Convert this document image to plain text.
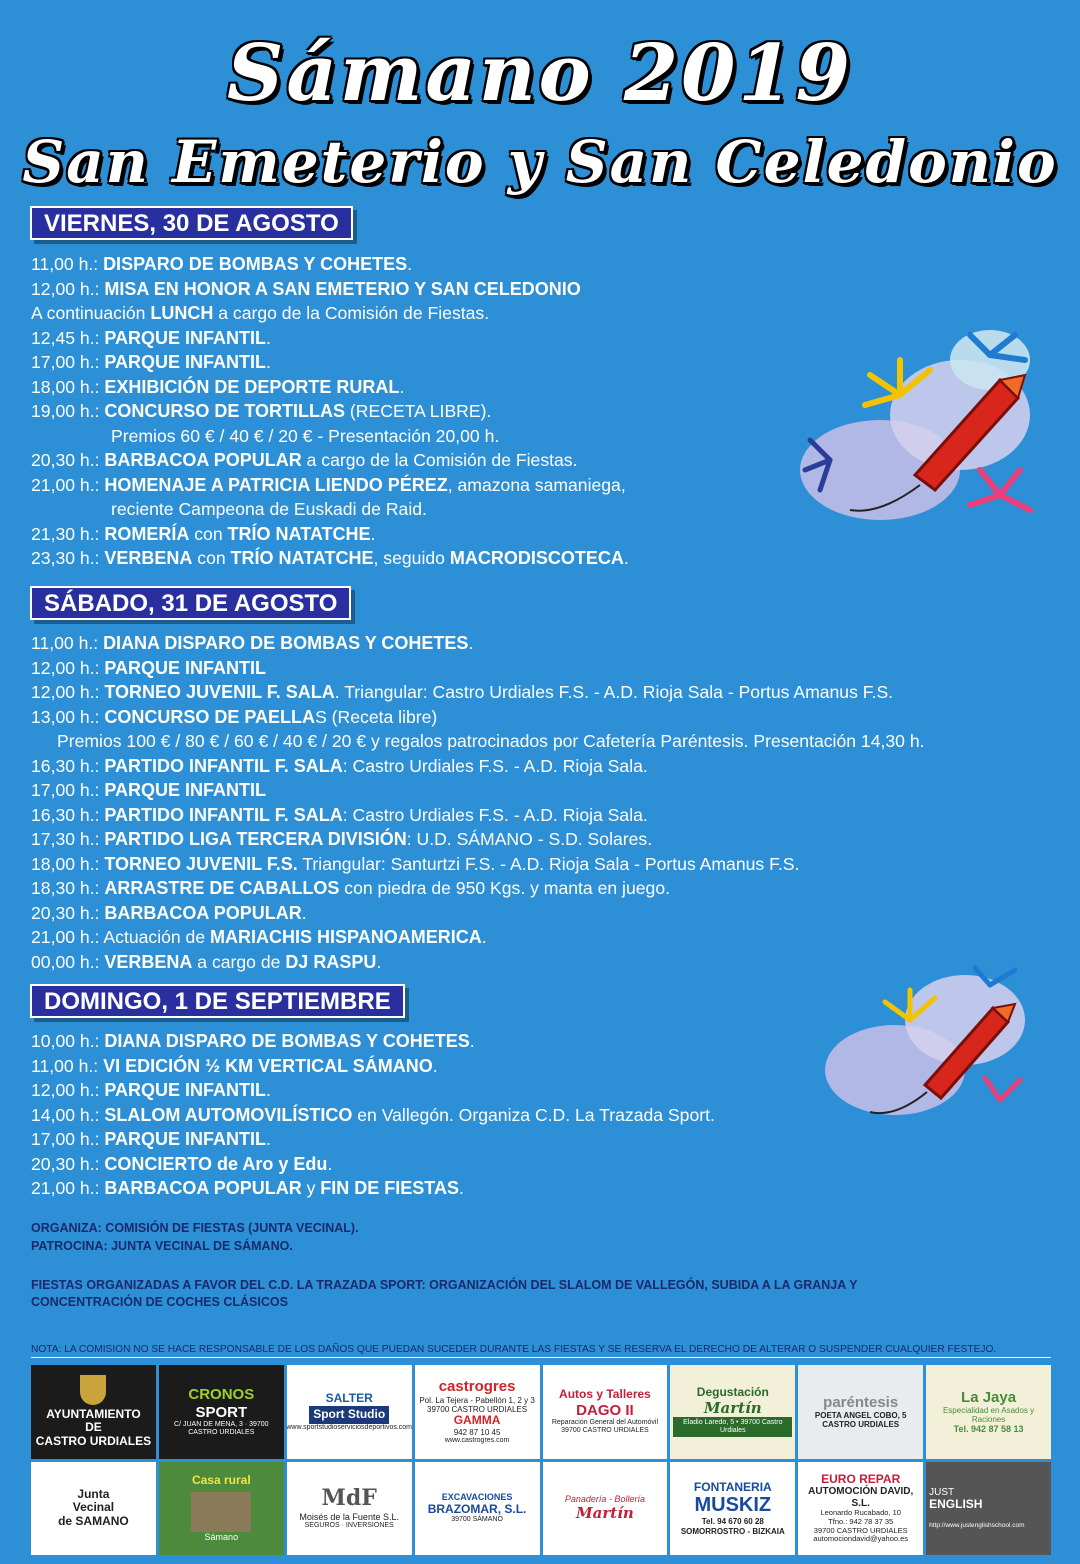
Sámano 2019
San Emeterio y San Celedonio
VIERNES, 30 DE AGOSTO
11,00 h.: DISPARO DE BOMBAS Y COHETES.
12,00 h.: MISA EN HONOR A SAN EMETERIO Y SAN CELEDONIO
A continuación LUNCH a cargo de la Comisión de Fiestas.
12,45 h.: PARQUE INFANTIL.
17,00 h.: PARQUE INFANTIL.
18,00 h.: EXHIBICIÓN DE DEPORTE RURAL.
19,00 h.: CONCURSO DE TORTILLAS (RECETA LIBRE).
Premios 60 € / 40 € / 20 € - Presentación 20,00 h.
20,30 h.: BARBACOA POPULAR a cargo de la Comisión de Fiestas.
21,00 h.: HOMENAJE A PATRICIA LIENDO PÉREZ, amazona samaniega,
reciente Campeona de Euskadi de Raid.
21,30 h.: ROMERÍA con TRÍO NATATCHE.
23,30 h.: VERBENA con TRÍO NATATCHE, seguido MACRODISCOTECA.
SÁBADO, 31 DE AGOSTO
11,00 h.: DIANA DISPARO DE BOMBAS Y COHETES.
12,00 h.: PARQUE INFANTIL
12,00 h.: TORNEO JUVENIL F. SALA. Triangular: Castro Urdiales F.S. - A.D. Rioja Sala - Portus Amanus F.S.
13,00 h.: CONCURSO DE PAELLAS (Receta libre)
Premios 100 € / 80 € / 60 € / 40 € / 20 € y regalos patrocinados por Cafetería Paréntesis. Presentación 14,30 h.
16,30 h.: PARTIDO INFANTIL F. SALA: Castro Urdiales F.S. - A.D. Rioja Sala.
17,00 h.: PARQUE INFANTIL
16,30 h.: PARTIDO INFANTIL F. SALA: Castro Urdiales F.S. - A.D. Rioja Sala.
17,30 h.: PARTIDO LIGA TERCERA DIVISIÓN: U.D. SÁMANO - S.D. Solares.
18,00 h.: TORNEO JUVENIL F.S. Triangular: Santurtzi F.S. - A.D. Rioja Sala - Portus Amanus F.S.
18,30 h.: ARRASTRE DE CABALLOS con piedra de 950 Kgs. y manta en juego.
20,30 h.: BARBACOA POPULAR.
21,00 h.: Actuación de MARIACHIS HISPANOAMERICA.
00,00 h.: VERBENA a cargo de DJ RASPU.
DOMINGO, 1 DE SEPTIEMBRE
10,00 h.: DIANA DISPARO DE BOMBAS Y COHETES.
11,00 h.: VI EDICIÓN ½ KM VERTICAL SÁMANO.
12,00 h.: PARQUE INFANTIL.
14,00 h.: SLALOM AUTOMOVILÍSTICO en Vallegón. Organiza C.D. La Trazada Sport.
17,00 h.: PARQUE INFANTIL.
20,30 h.: CONCIERTO de Aro y Edu.
21,00 h.: BARBACOA POPULAR y FIN DE FIESTAS.
ORGANIZA: COMISIÓN DE FIESTAS (JUNTA VECINAL).
PATROCINA: JUNTA VECINAL DE SÁMANO.
FIESTAS ORGANIZADAS A FAVOR DEL C.D. LA TRAZADA SPORT: ORGANIZACIÓN DEL SLALOM DE VALLEGÓN, SUBIDA A LA GRANJA Y
CONCENTRACIÓN DE COCHES CLÁSICOS
NOTA: LA COMISION NO SE HACE RESPONSABLE DE LOS DAÑOS QUE PUEDAN SUCEDER DURANTE LAS FIESTAS Y SE RESERVA EL DERECHO DE ALTERAR O SUSPENDER CUALQUIER FESTEJO.
AYUNTAMIENTO
DE
CASTRO URDIALES
CRONOS
SPORT
C/ JUAN DE MENA, 3 · 39700 CASTRO URDIALES
SALTER
Sport Studio
www.sportstudioserviciosdeportivos.com
castrogres
Pol. La Tejera - Pabellón 1, 2 y 3
39700 CASTRO URDIALES
GAMMA
942 87 10 45
www.castrogres.com
Autos y Talleres
DAGO II
Reparación General del Automóvil
39700 CASTRO URDIALES
Degustación
Martín
Eladio Laredo, 5 • 39700 Castro Urdiales
paréntesis
POETA ANGEL COBO, 5
CASTRO URDIALES
La Jaya
Especialidad en Asados y Raciones
Tel. 942 87 58 13
Junta
Vecinal
de SAMANO
Casa rural
Sámano
MdF
Moisés de la Fuente S.L.
SEGUROS · INVERSIONES
EXCAVACIONES
BRAZOMAR, S.L.
39700 SÁMANO
Panadería - Bollería
Martín
FONTANERIA
MUSKIZ
Tel. 94 670 60 28
SOMORROSTRO - BIZKAIA
EURO REPAR
AUTOMOCIÓN DAVID, S.L.
Leonardo Rucabado, 10
Tfno.: 942 78 37 35
39700 CASTRO URDIALES
automociondavid@yahoo.es
JUST
ENGLISH
http://www.justenglishschool.com
